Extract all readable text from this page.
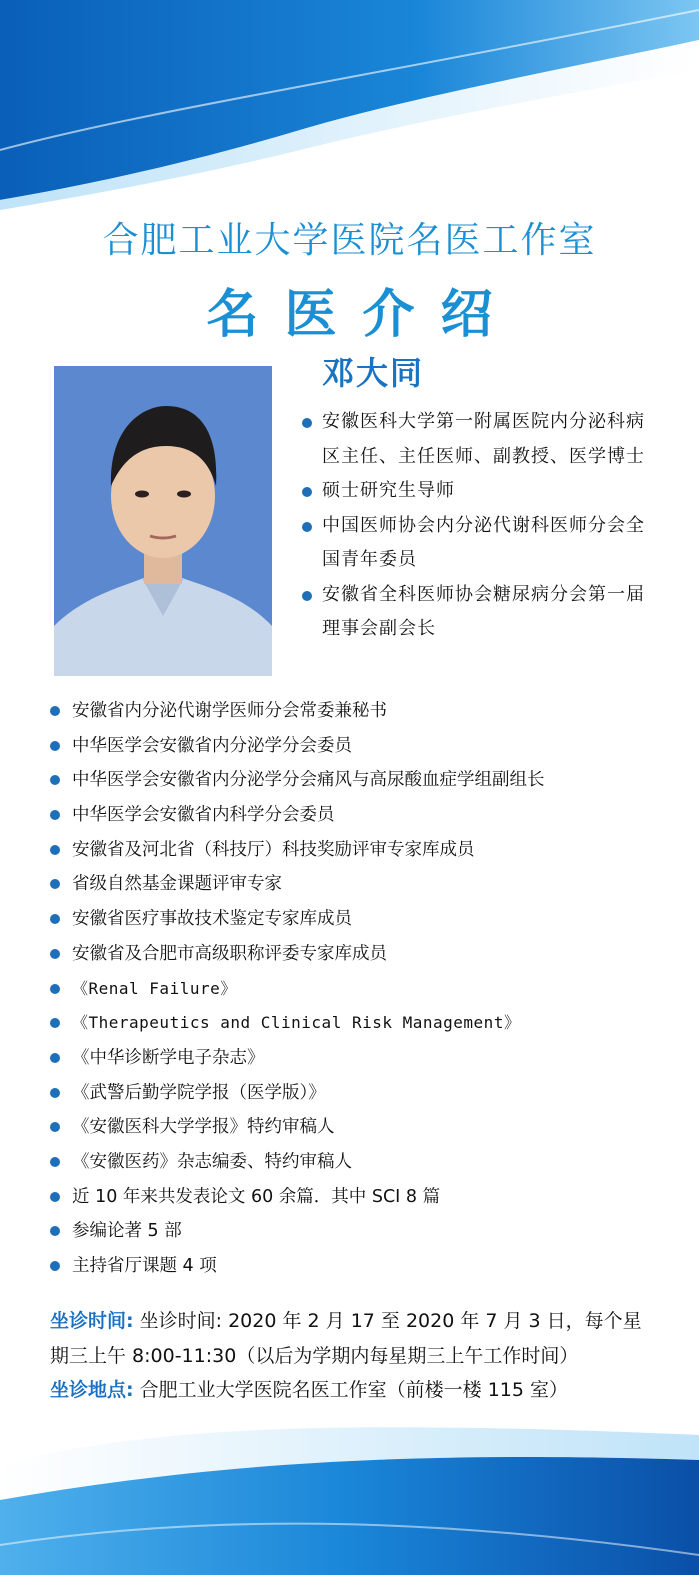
合肥工业大学医院名医工作室
名医介绍
邓大同
安徽医科大学第一附属医院内分泌科病区主任、主任医师、副教授、医学博士
硕士研究生导师
中国医师协会内分泌代谢科医师分会全国青年委员
安徽省全科医师协会糖尿病分会第一届理事会副会长
安徽省内分泌代谢学医师分会常委兼秘书
中华医学会安徽省内分泌学分会委员
中华医学会安徽省内分泌学分会痛风与高尿酸血症学组副组长
中华医学会安徽省内科学分会委员
安徽省及河北省（科技厅）科技奖励评审专家库成员
省级自然基金课题评审专家
安徽省医疗事故技术鉴定专家库成员
安徽省及合肥市高级职称评委专家库成员
《Renal Failure》
《Therapeutics and Clinical Risk Management》
《中华诊断学电子杂志》
《武警后勤学院学报（医学版）》
《安徽医科大学学报》特约审稿人
《安徽医药》杂志编委、特约审稿人
近 10 年来共发表论文 60 余篇．其中 SCI 8 篇
参编论著 5 部
主持省厅课题 4 项
坐诊时间: 坐诊时间: 2020 年 2 月 17 至 2020 年 7 月 3 日，每个星期三上午 8:00-11:30（以后为学期内每星期三上午工作时间）
坐诊地点: 合肥工业大学医院名医工作室（前楼一楼 115 室）
